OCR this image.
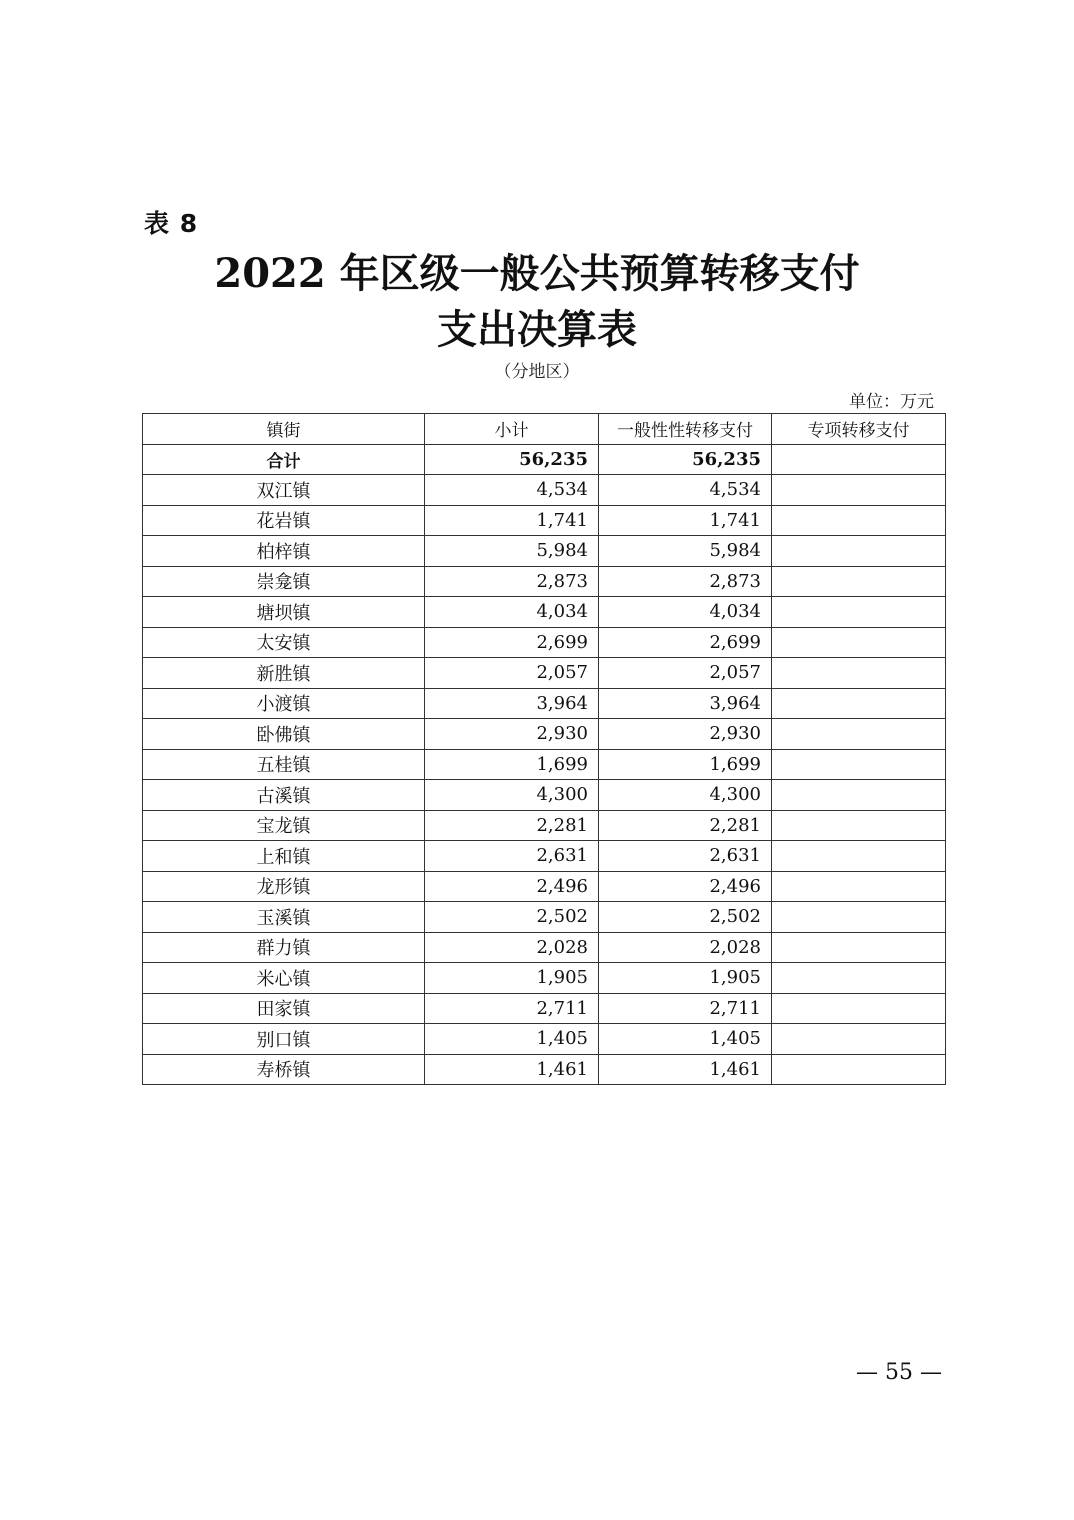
表 8
2022 年区级一般公共预算转移支付
支出决算表
（分地区）
单位：万元
镇街	小计	一般性性转移支付	专项转移支付
合计	56,235	56,235	
双江镇	4,534	4,534	
花岩镇	1,741	1,741	
柏梓镇	5,984	5,984	
崇龛镇	2,873	2,873	
塘坝镇	4,034	4,034	
太安镇	2,699	2,699	
新胜镇	2,057	2,057	
小渡镇	3,964	3,964	
卧佛镇	2,930	2,930	
五桂镇	1,699	1,699	
古溪镇	4,300	4,300	
宝龙镇	2,281	2,281	
上和镇	2,631	2,631	
龙形镇	2,496	2,496	
玉溪镇	2,502	2,502	
群力镇	2,028	2,028	
米心镇	1,905	1,905	
田家镇	2,711	2,711	
别口镇	1,405	1,405	
寿桥镇	1,461	1,461	
— 55 —
